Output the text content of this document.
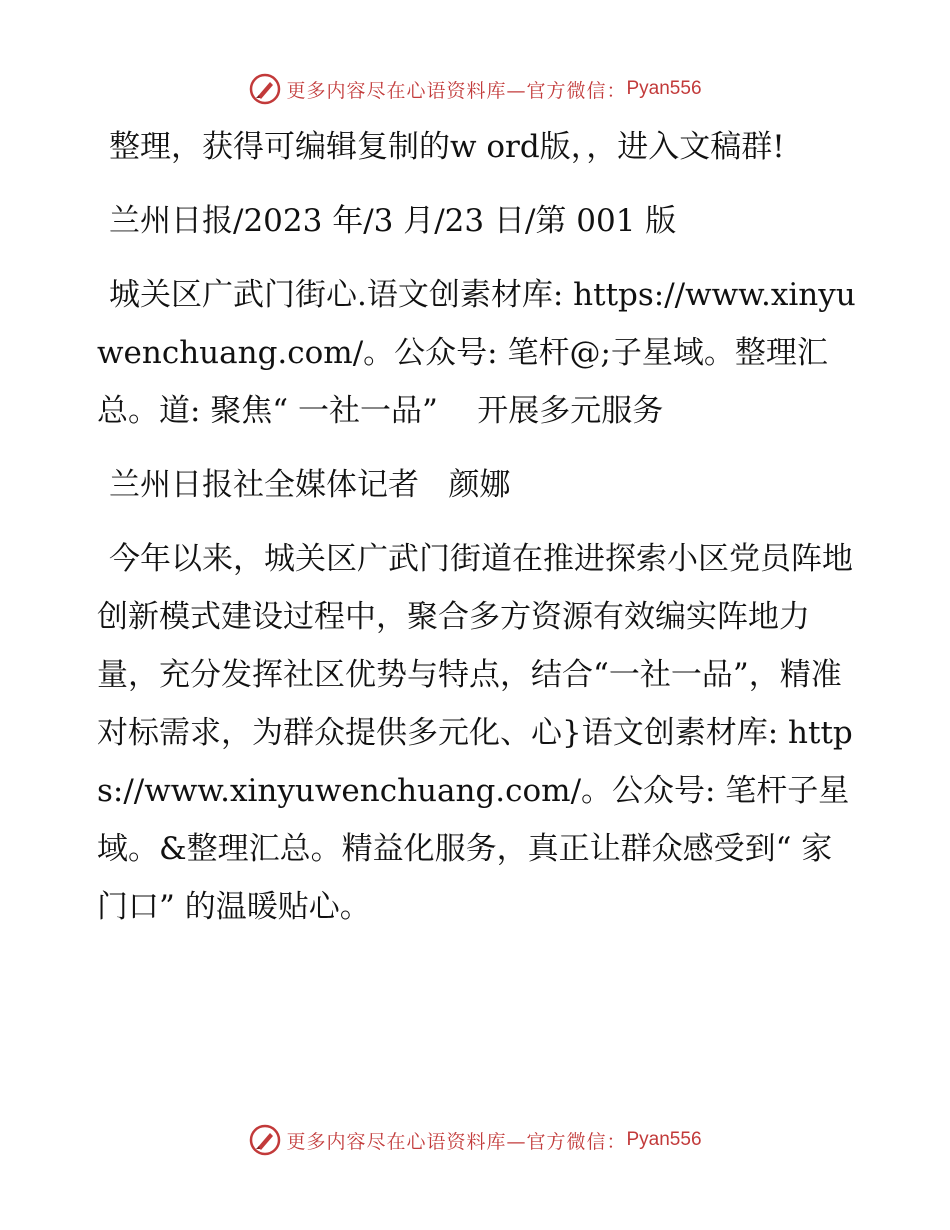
更多内容尽在心语资料库—官方微信： Pyan556

整理，获得可编辑复制的w ord版，，进入文稿群!

兰州日报/2023 年/3 月/23 日/第 001 版

城关区广武门街心.语文创素材库: https://www.xinyuwenchuang.com/。公众号: 笔杆@;子星域。整理汇总。道: 聚焦“ 一社一品”    开展多元服务

兰州日报社全媒体记者   颜娜

今年以来，城关区广武门街道在推进探索小区党员阵地创新模式建设过程中，聚合多方资源有效编实阵地力量，充分发挥社区优势与特点，结合“一社一品”，精准对标需求，为群众提供多元化、心}语文创素材库: https://www.xinyuwenchuang.com/。公众号: 笔杆子星域。&整理汇总。精益化服务，真正让群众感受到“ 家门口” 的温暖贴心。

更多内容尽在心语资料库—官方微信： Pyan556
